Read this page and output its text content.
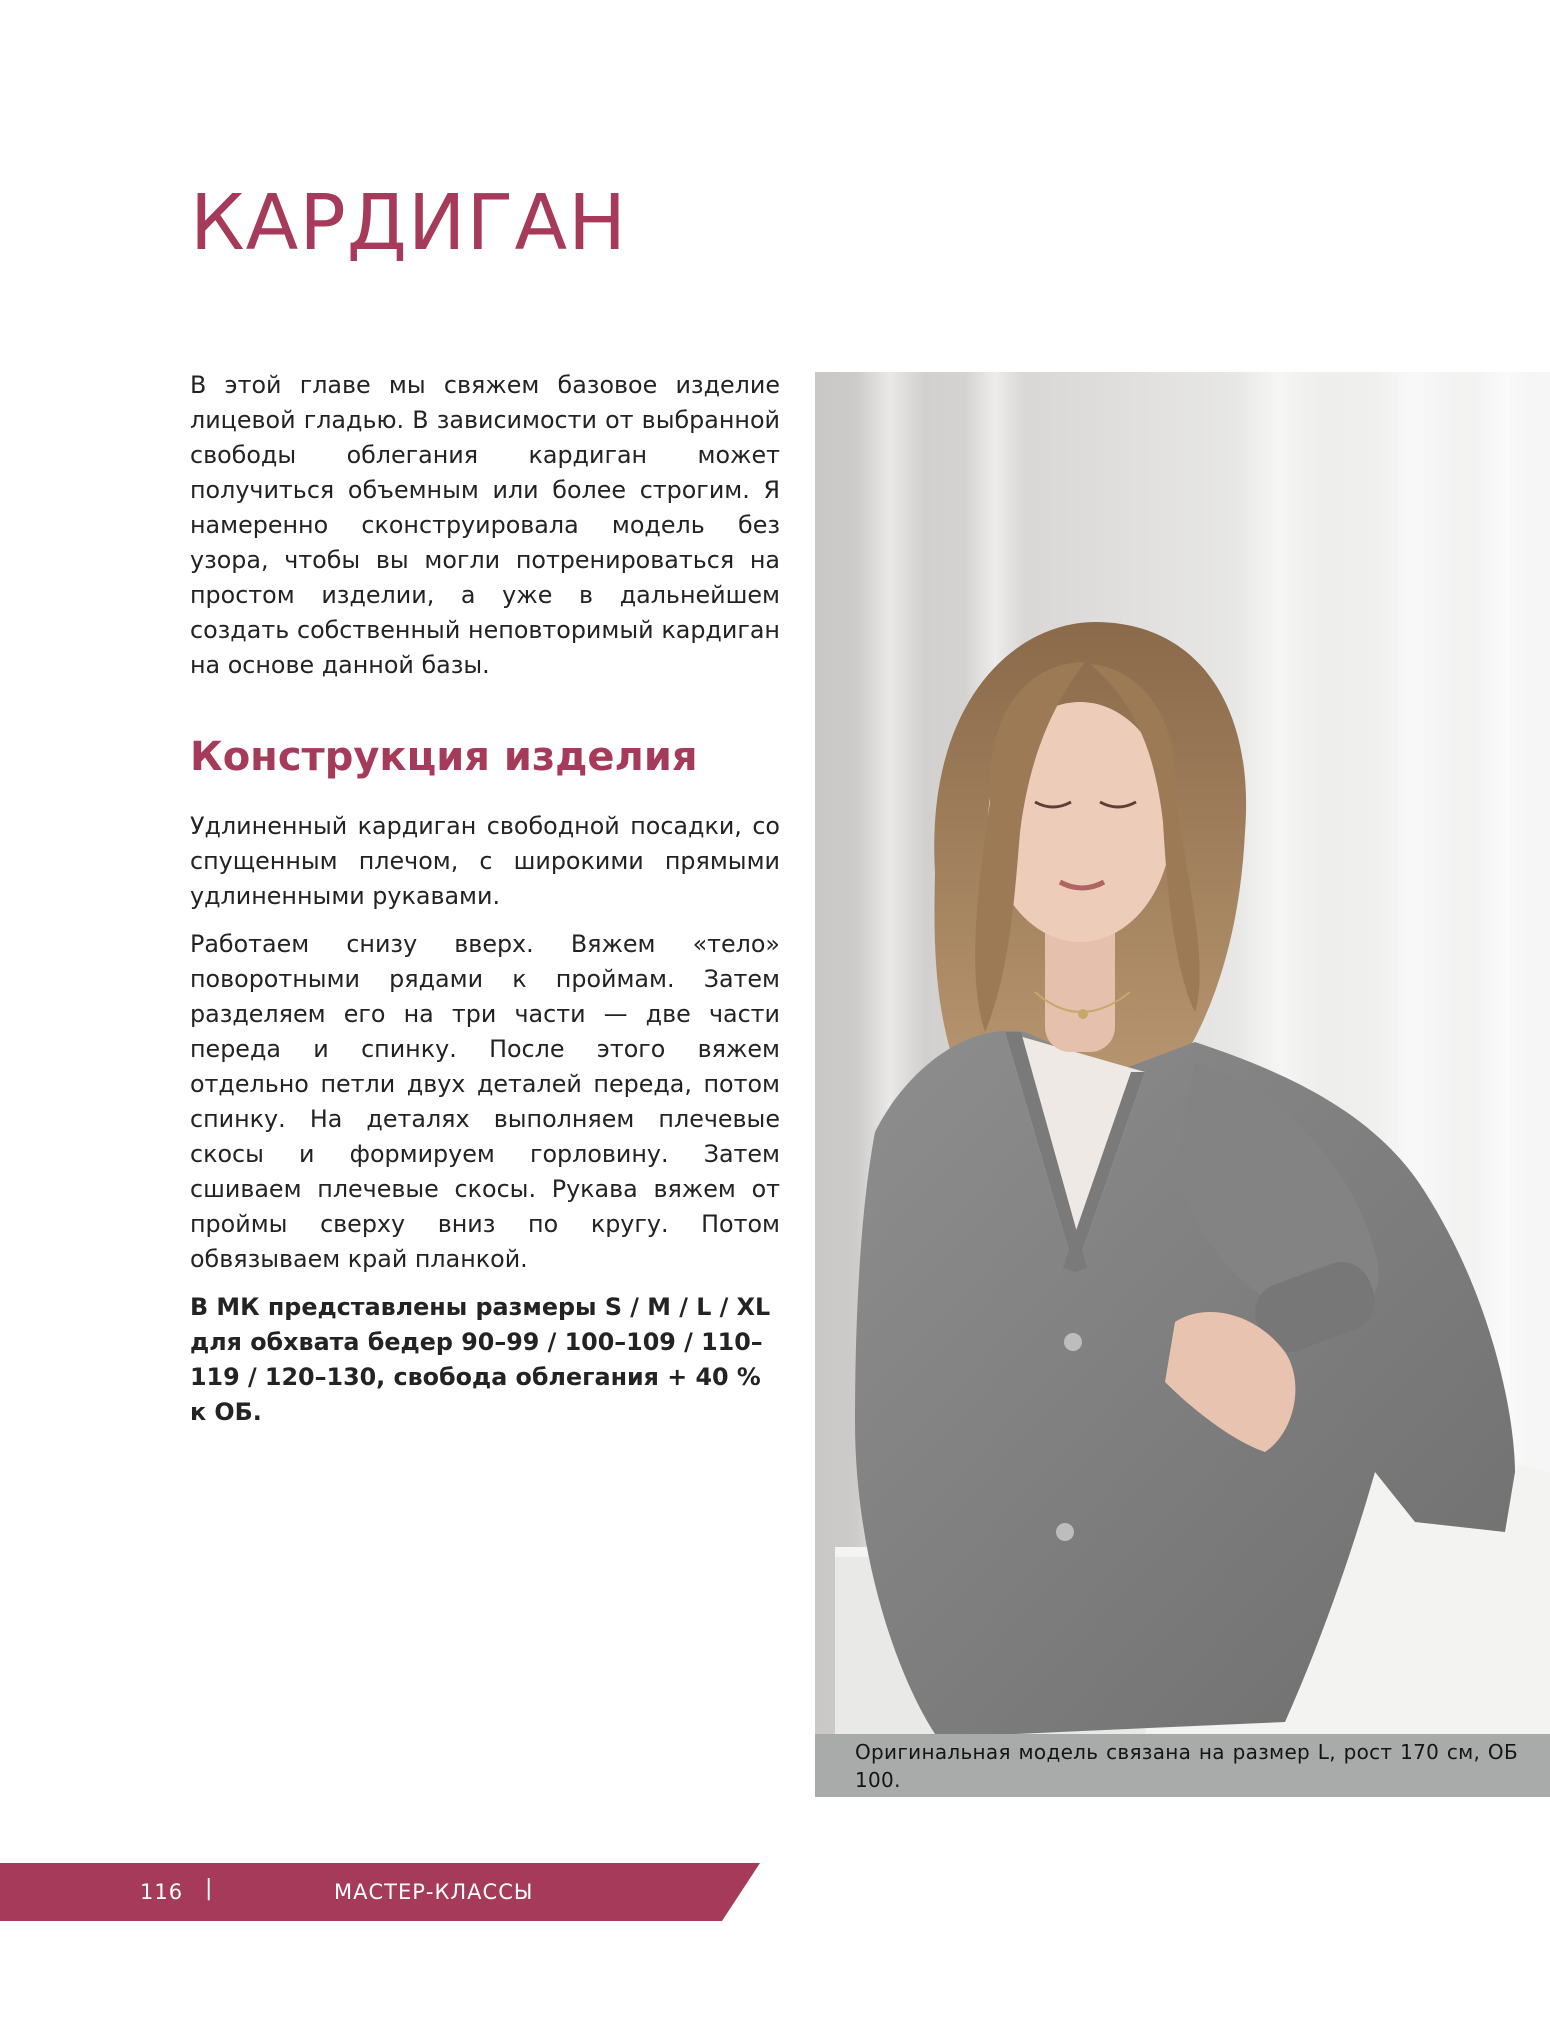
КАРДИГАН

В этой главе мы свяжем базовое изделие лицевой гладью. В зависимости от выбранной свободы облегания кардиган может получиться объемным или более строгим. Я намеренно сконструировала модель без узора, чтобы вы могли потренироваться на простом изделии, а уже в дальнейшем создать собственный неповторимый кардиган на основе данной базы.

Конструкция изделия

Удлиненный кардиган свободной посадки, со спущенным плечом, с широкими прямыми удлиненными рукавами.

Работаем снизу вверх. Вяжем «тело» поворотными рядами к проймам. Затем разделяем его на три части — две части переда и спинку. После этого вяжем отдельно петли двух деталей переда, потом спинку. На деталях выполняем плечевые скосы и формируем горловину. Затем сшиваем плечевые скосы. Рукава вяжем от проймы сверху вниз по кругу. Потом обвязываем край планкой.

В МК представлены размеры S / M / L / XL для обхвата бедер 90–99 / 100–109 / 110–119 / 120–130, свобода облегания + 40 % к ОБ.

Оригинальная модель связана на размер L, рост 170 см, ОБ 100.
116 |	МАСТЕР-КЛАССЫ
